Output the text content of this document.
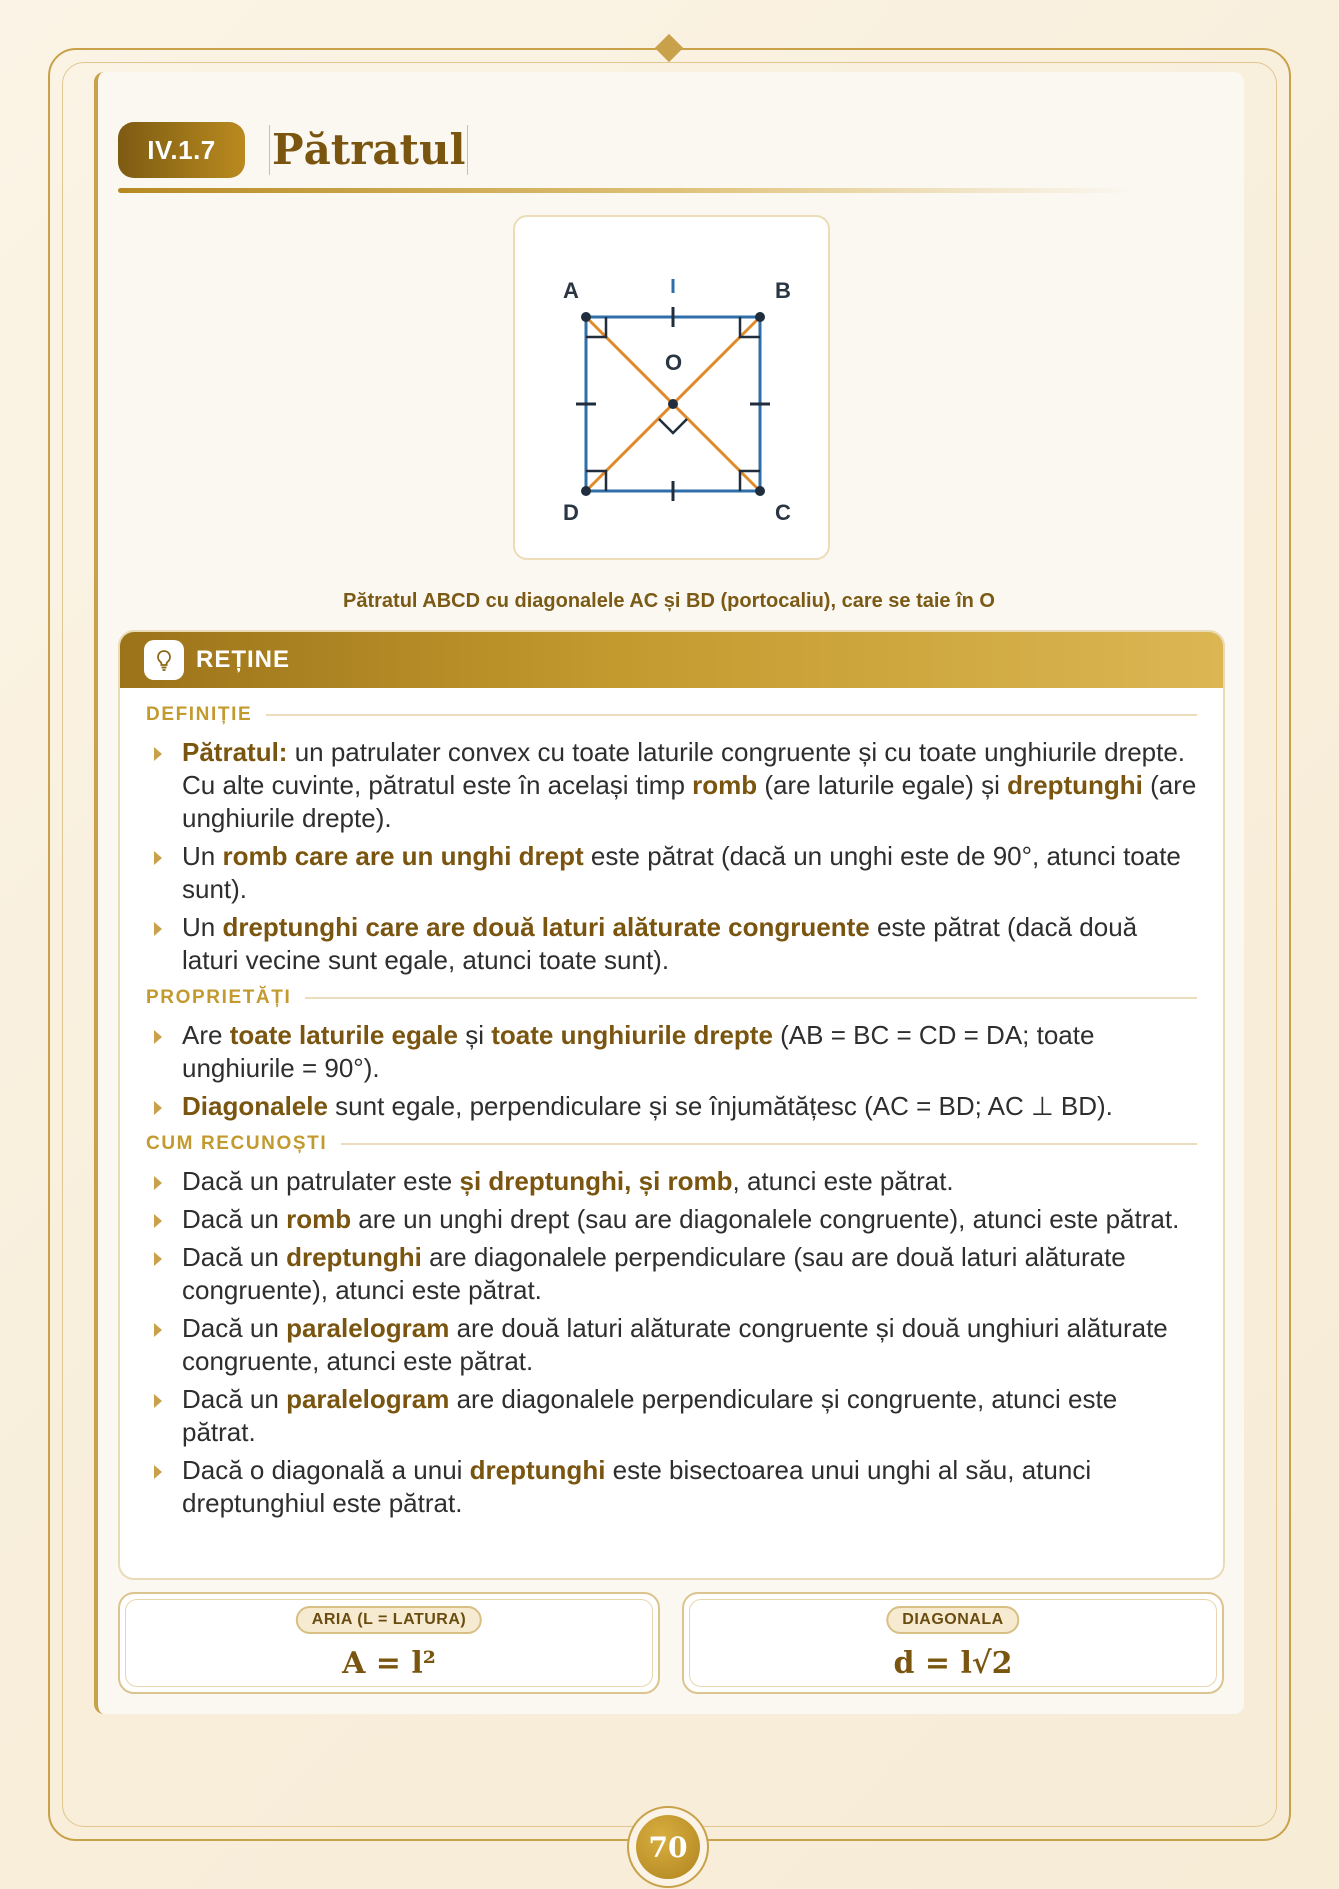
IV.1.7	Pătratul
A	B
C
D
O
Pătratul ABCD cu diagonalele AC și BD (portocaliu), care se taie în O
REȚINE
DEFINIȚIE
Pătratul: un patrulater convex cu toate laturile congruente și cu toate unghiurile drepte. Cu alte cuvinte, pătratul este în același timp romb (are laturile egale) și dreptunghi (are unghiurile drepte).
Un romb care are un unghi drept este pătrat (dacă un unghi este de 90°, atunci toate sunt).
Un dreptunghi care are două laturi alăturate congruente este pătrat (dacă două laturi vecine sunt egale, atunci toate sunt).
PROPRIETĂȚI
Are toate laturile egale și toate unghiurile drepte (AB = BC = CD = DA; toate unghiurile = 90°).
Diagonalele sunt egale, perpendiculare și se înjumătățesc (AC = BD; AC ⊥ BD).
CUM RECUNOȘTI
Dacă un patrulater este și dreptunghi, și romb, atunci este pătrat.
Dacă un romb are un unghi drept (sau are diagonalele congruente), atunci este pătrat.
Dacă un dreptunghi are diagonalele perpendiculare (sau are două laturi alăturate congruente), atunci este pătrat.
Dacă un paralelogram are două laturi alăturate congruente și două unghiuri alăturate congruente, atunci este pătrat.
Dacă un paralelogram are diagonalele perpendiculare și congruente, atunci este pătrat.
Dacă o diagonală a unui dreptunghi este bisectoarea unui unghi al său, atunci dreptunghiul este pătrat.
ARIA (L = LATURA)
A = l²
DIAGONALA
d = l√2
70
